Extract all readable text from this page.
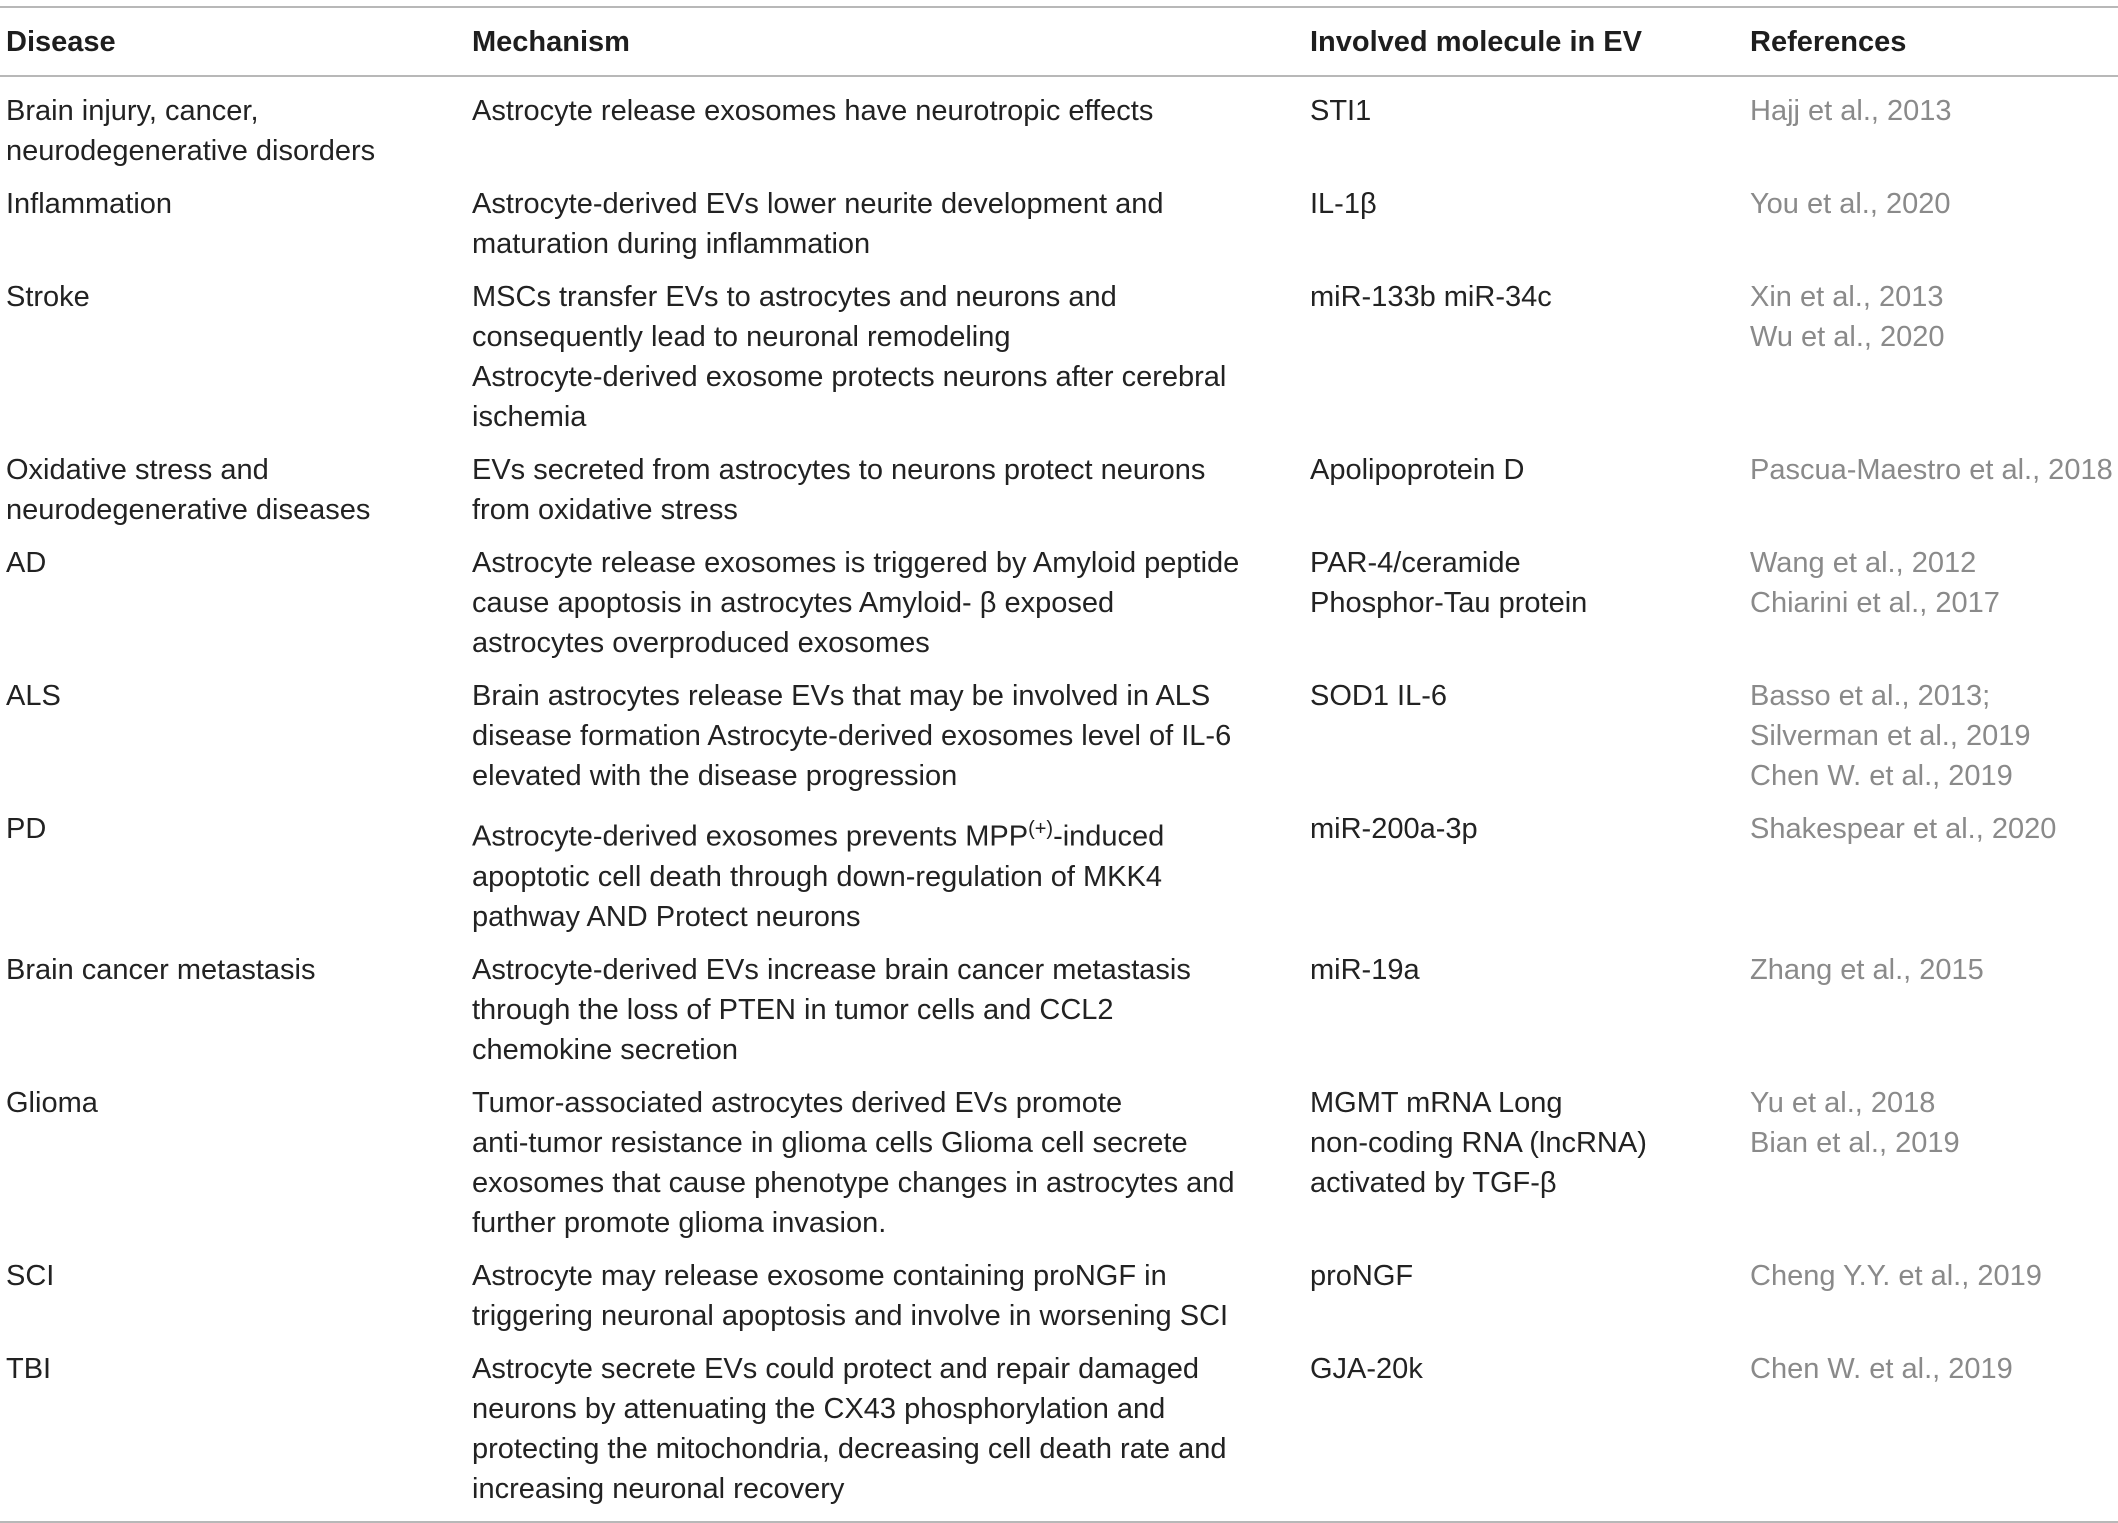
Disease	Mechanism	Involved molecule in EV	References

Brain injury, cancer,
neurodegenerative disorders	Astrocyte release exosomes have neurotropic effects	STI1	Hajj et al., 2013

Inflammation	Astrocyte-derived EVs lower neurite development and
maturation during inflammation	IL-1β	You et al., 2020

Stroke	MSCs transfer EVs to astrocytes and neurons and
consequently lead to neuronal remodeling
Astrocyte-derived exosome protects neurons after cerebral
ischemia	miR-133b miR-34c	Xin et al., 2013
Wu et al., 2020

Oxidative stress and
neurodegenerative diseases	EVs secreted from astrocytes to neurons protect neurons
from oxidative stress	Apolipoprotein D	Pascua-Maestro et al., 2018

AD	Astrocyte release exosomes is triggered by Amyloid peptide
cause apoptosis in astrocytes Amyloid- β exposed
astrocytes overproduced exosomes	PAR-4/ceramide
Phosphor-Tau protein	Wang et al., 2012
Chiarini et al., 2017

ALS	Brain astrocytes release EVs that may be involved in ALS
disease formation Astrocyte-derived exosomes level of IL-6
elevated with the disease progression	SOD1 IL-6	Basso et al., 2013;
Silverman et al., 2019
Chen W. et al., 2019

PD	Astrocyte-derived exosomes prevents MPP(+)-induced
apoptotic cell death through down-regulation of MKK4
pathway AND Protect neurons	miR-200a-3p	Shakespear et al., 2020

Brain cancer metastasis	Astrocyte-derived EVs increase brain cancer metastasis
through the loss of PTEN in tumor cells and CCL2
chemokine secretion	miR-19a	Zhang et al., 2015

Glioma	Tumor-associated astrocytes derived EVs promote
anti-tumor resistance in glioma cells Glioma cell secrete
exosomes that cause phenotype changes in astrocytes and
further promote glioma invasion.	MGMT mRNA Long
non-coding RNA (lncRNA)
activated by TGF-β	Yu et al., 2018
Bian et al., 2019

SCI	Astrocyte may release exosome containing proNGF in
triggering neuronal apoptosis and involve in worsening SCI	proNGF	Cheng Y.Y. et al., 2019

TBI	Astrocyte secrete EVs could protect and repair damaged
neurons by attenuating the CX43 phosphorylation and
protecting the mitochondria, decreasing cell death rate and
increasing neuronal recovery	GJA-20k	Chen W. et al., 2019
